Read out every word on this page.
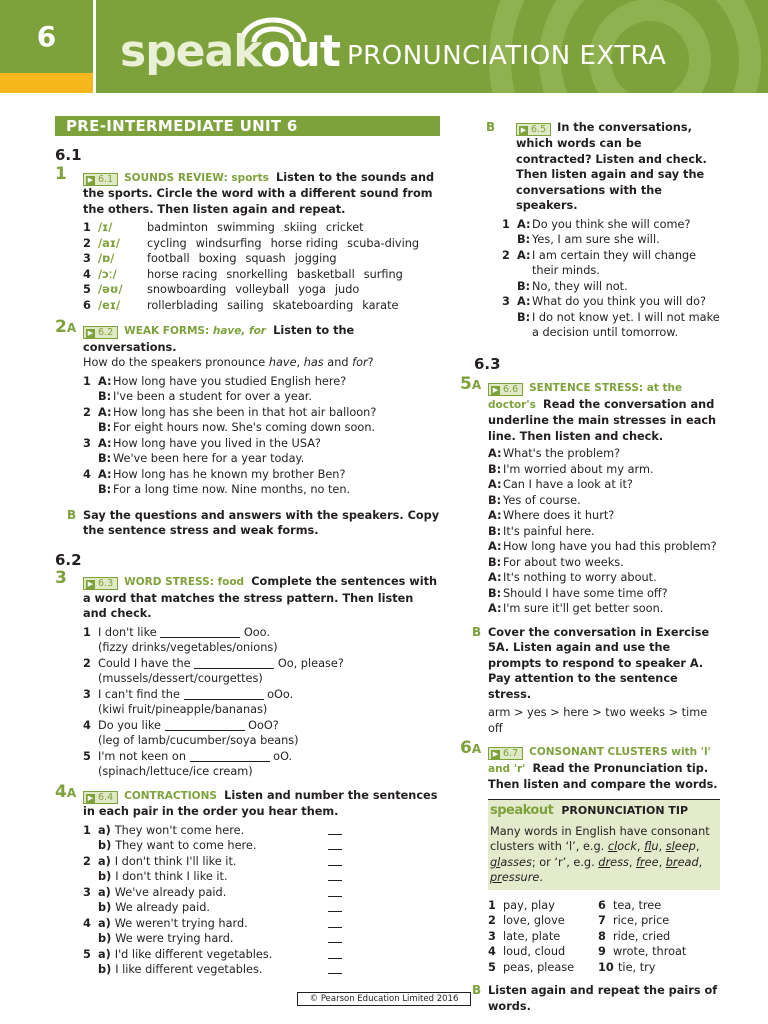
6	speakout PRONUNCIATION EXTRA
PRE-INTERMEDIATE UNIT 6
6.1
1	▶ 6.1 SOUNDS REVIEW: sports Listen to the sounds and the sports. Circle the word with a different sound from the others. Then listen again and repeat.
1 /ɪ/	badminton swimming skiing cricket
2 /aɪ/ cycling windsurfing horse riding scuba-diving
3 /ɒ/	football boxing squash jogging
4 /ɔː/	horse racing snorkelling basketball surfing
5 /əʊ/ snowboarding volleyball yoga judo
6 /eɪ/ rollerblading sailing skateboarding karate
2A	▶ 6.2 WEAK FORMS: have, for Listen to the conversations.
How do the speakers pronounce have, has and for?
1 A: How long have you studied English here?
B: I've been a student for over a year.
2 A: How long has she been in that hot air balloon?
B: For eight hours now. She's coming down soon.
3 A: How long have you lived in the USA?
B: We've been here for a year today.
4 A: How long has he known my brother Ben?
B: For a long time now. Nine months, no ten.
B Say the questions and answers with the speakers. Copy the sentence stress and weak forms.
6.2
3	▶ 6.3 WORD STRESS: food Complete the sentences with a word that matches the stress pattern. Then listen and check.
1 I don't like	Ooo.
(fizzy drinks/vegetables/onions)
2 Could I have the	Oo, please?
(mussels/dessert/courgettes)
3 I can't find the	oOo.
(kiwi fruit/pineapple/bananas)
4 Do you like	OoO?
(leg of lamb/cucumber/soya beans)
5 I'm not keen on	oO.
(spinach/lettuce/ice cream)
4A	▶ 6.4 CONTRACTIONS Listen and number the sentences in each pair in the order you hear them.
1 a) They won't come here.
b) They want to come here.
2 a) I don't think I'll like it.
b) I don't think I like it.
3 a) We've already paid.
b) We already paid.
4 a) We weren't trying hard.
b) We were trying hard.
5 a) I'd like different vegetables.
b) I like different vegetables.
B	▶ 6.5 In the conversations, which words can be contracted? Listen and check. Then listen again and say the conversations with the speakers.
1 A: Do you think she will come?
B: Yes, I am sure she will.
2 A: I am certain they will change their minds.
B: No, they will not.
3 A: What do you think you will do?
B: I do not know yet. I will not make a decision until tomorrow.
6.3
5A	▶ 6.6 SENTENCE STRESS: at the doctor's Read the conversation and underline the main stresses in each line. Then listen and check.
A: What's the problem?
B: I'm worried about my arm.
A: Can I have a look at it?
B: Yes of course.
A: Where does it hurt?
B: It's painful here.
A: How long have you had this problem?
B: For about two weeks.
A: It's nothing to worry about.
B: Should I have some time off?
A: I'm sure it'll get better soon.
B Cover the conversation in Exercise 5A. Listen again and use the prompts to respond to speaker A. Pay attention to the sentence stress.
arm > yes > here > two weeks > time off
6A	▶ 6.7 CONSONANT CLUSTERS with 'l' and 'r' Read the Pronunciation tip. Then listen and compare the words.
speakout PRONUNCIATION TIP
Many words in English have consonant clusters with ‘l’, e.g. clock, flu, sleep, glasses; or ‘r’, e.g. dress, free, bread, pressure.
1 pay, play
2 love, glove
3 late, plate
4 loud, cloud
5 peas, please
6 tea, tree
7 rice, price
8 ride, cried
9 wrote, throat
10 tie, try
B Listen again and repeat the pairs of words.
© Pearson Education Limited 2016
